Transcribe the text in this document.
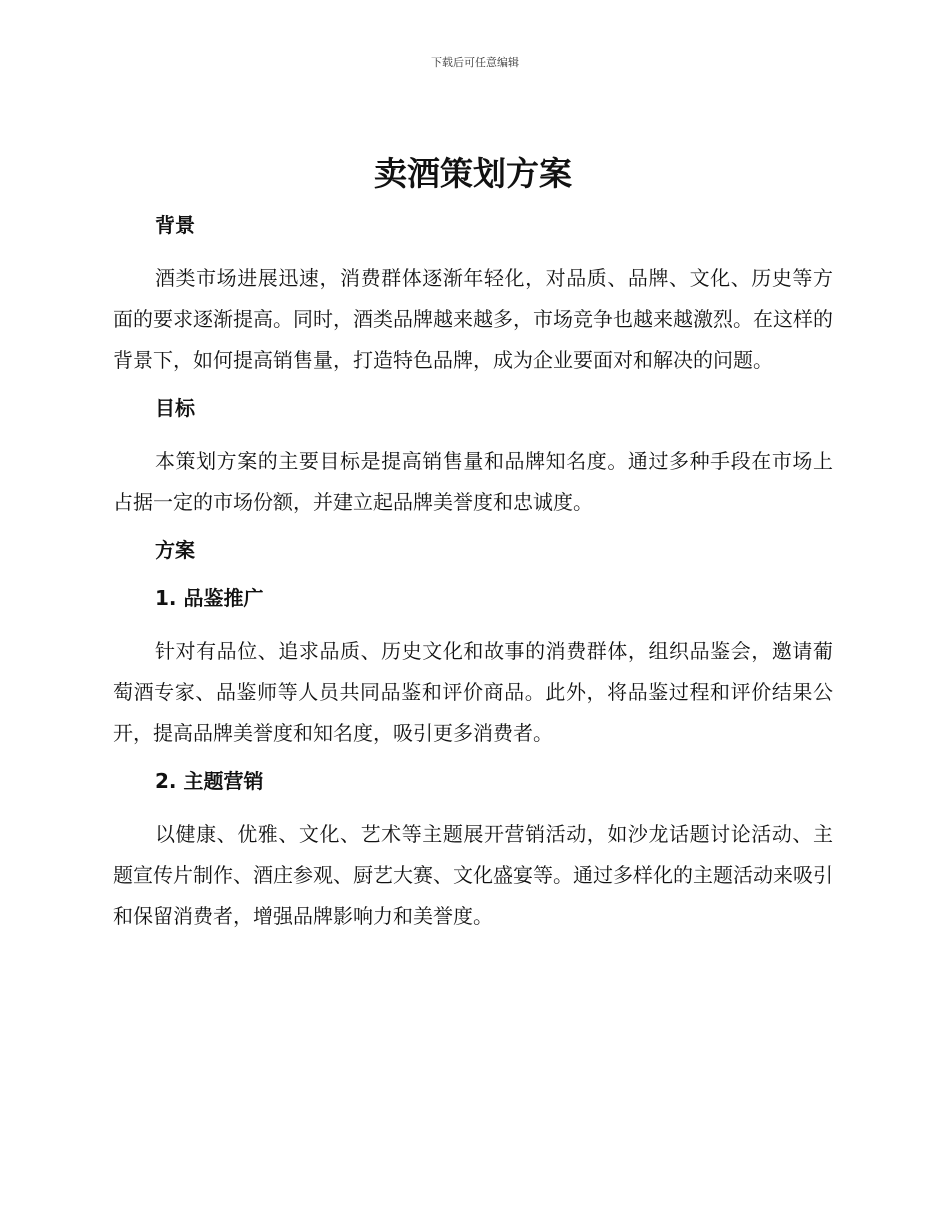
下载后可任意编辑
卖酒策划方案
背景

酒类市场进展迅速，消费群体逐渐年轻化，对品质、品牌、文化、历史等方面的要求逐渐提高。同时，酒类品牌越来越多，市场竞争也越来越激烈。在这样的背景下，如何提高销售量，打造特色品牌，成为企业要面对和解决的问题。

目标

本策划方案的主要目标是提高销售量和品牌知名度。通过多种手段在市场上占据一定的市场份额，并建立起品牌美誉度和忠诚度。

方案
1. 品鉴推广

针对有品位、追求品质、历史文化和故事的消费群体，组织品鉴会，邀请葡萄酒专家、品鉴师等人员共同品鉴和评价商品。此外，将品鉴过程和评价结果公开，提高品牌美誉度和知名度，吸引更多消费者。

2. 主题营销

以健康、优雅、文化、艺术等主题展开营销活动，如沙龙话题讨论活动、主题宣传片制作、酒庄参观、厨艺大赛、文化盛宴等。通过多样化的主题活动来吸引和保留消费者，增强品牌影响力和美誉度。
